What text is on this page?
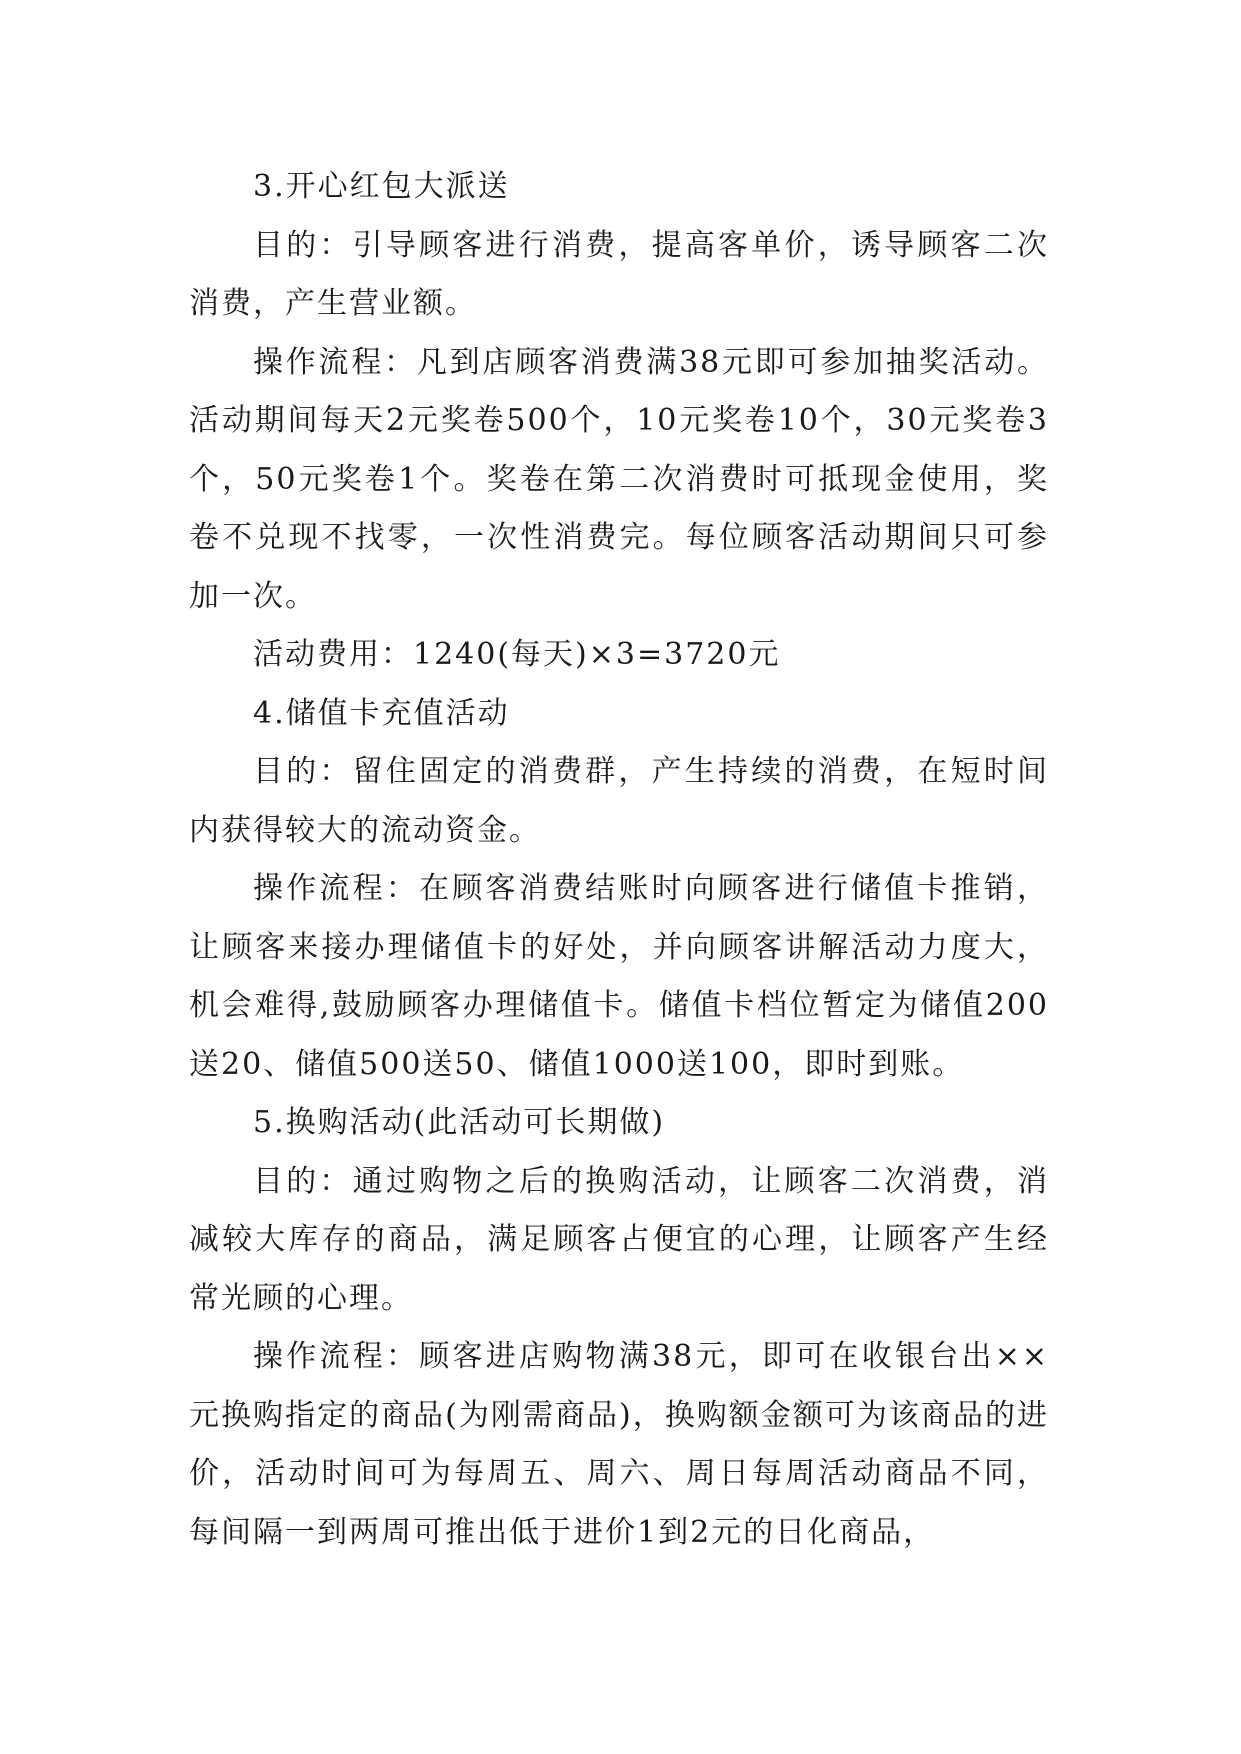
3.开心红包大派送

目的：引导顾客进行消费，提高客单价，诱导顾客二次消费，产生营业额。

操作流程：凡到店顾客消费满38元即可参加抽奖活动。活动期间每天2元奖卷500个，10元奖卷10个，30元奖卷3个，50元奖卷1个。奖卷在第二次消费时可抵现金使用，奖卷不兑现不找零，一次性消费完。每位顾客活动期间只可参加一次。

活动费用：1240(每天)×3=3720元

4.储值卡充值活动

目的：留住固定的消费群，产生持续的消费，在短时间内获得较大的流动资金。

操作流程：在顾客消费结账时向顾客进行储值卡推销，让顾客来接办理储值卡的好处，并向顾客讲解活动力度大，机会难得,鼓励顾客办理储值卡。储值卡档位暂定为储值200送20、储值500送50、储值1000送100，即时到账。

5.换购活动(此活动可长期做)

目的：通过购物之后的换购活动，让顾客二次消费，消减较大库存的商品，满足顾客占便宜的心理，让顾客产生经常光顾的心理。

操作流程：顾客进店购物满38元，即可在收银台出××元换购指定的商品(为刚需商品)，换购额金额可为该商品的进价，活动时间可为每周五、周六、周日每周活动商品不同，每间隔一到两周可推出低于进价1到2元的日化商品，
